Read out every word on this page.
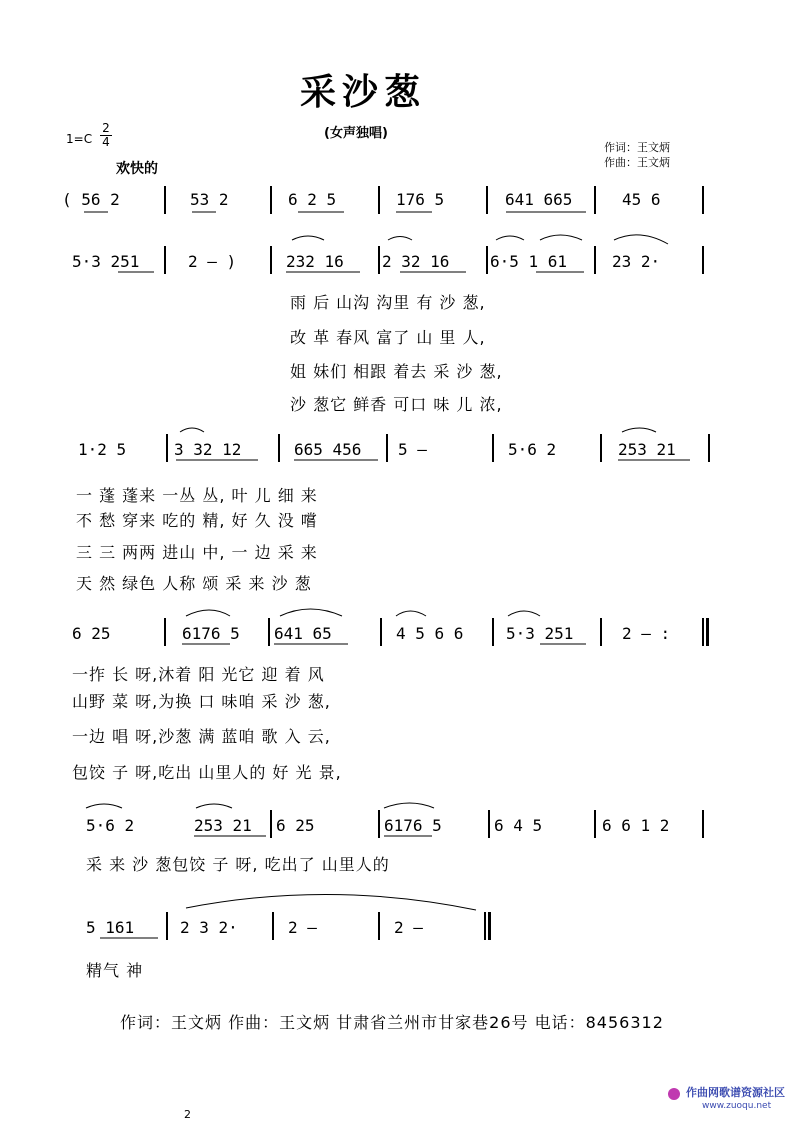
采沙葱
(女声独唱)
$1=C \frac{2}{4}$
欢快的
作词：王文炳
作曲：王文炳
( 56 2	53 2	6 2 5	176 5	641 665	45 6
5·3 251	2 – )	232 16 2 32 16	6·5 1 61	23 2·
雨 后 山沟 沟里 有 沙 葱,
改 革 春风 富了 山 里 人,
姐 妹们 相跟 着去 采 沙 葱,
沙 葱它 鲜香 可口 味 儿 浓,
1·2 5	3 32 12	665 456 5 –	5·6 2	253 21
一 蓬 蓬来 一丛 丛, 叶 儿 细 来
不 愁 穿来 吃的 精, 好 久 没 嚐
三 三 两两 进山 中, 一 边 采 来
天 然 绿色 人称 颂 采 来 沙 葱
6 25	6176 5 641 65	4 5 6 6	5·3 251	2 – :
一拃 长 呀,沐着 阳 光它 迎 着 风
山野 菜 呀,为换 口 味咱 采 沙 葱,
一边 唱 呀,沙葱 满 蓝咱 歌 入 云,
包饺 子 呀,吃出 山里人的 好 光 景,
5·6 2	253 21 6 25	6176 5	6 4 5	6 6 1 2
采 来 沙 葱包饺 子 呀, 吃出了 山里人的
5 161	2 3 2·	2 –	2 –
精气 神
作词：王文炳 作曲：王文炳 甘肃省兰州市甘家巷26号 电话：8456312
作曲网歌谱资源社区
www.zuoqu.net
2
